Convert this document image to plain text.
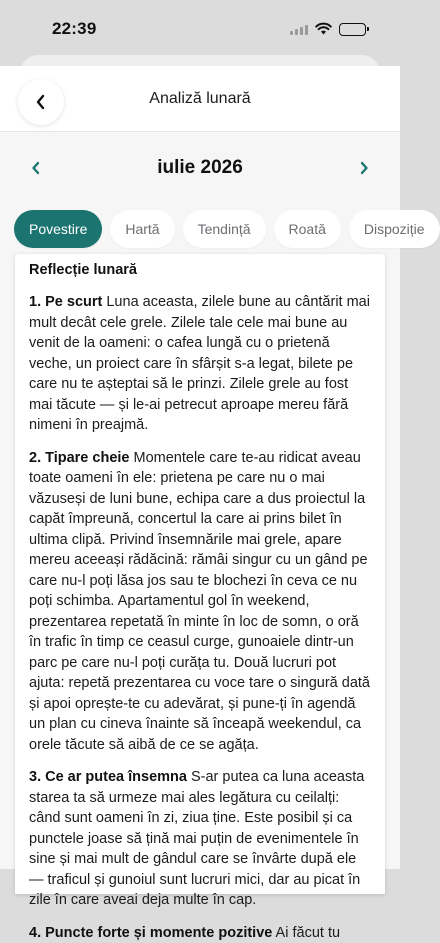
22:39
Analiză lunară
iulie 2026
Povestire	Hartă	Tendință	Roată	Dispoziție
Reflecție lunară

1. Pe scurt Luna aceasta, zilele bune au cântărit mai mult decât cele grele. Zilele tale cele mai bune au venit de la oameni: o cafea lungă cu o prietenă veche, un proiect care în sfârșit s-a legat, bilete pe care nu te așteptai să le prinzi. Zilele grele au fost mai tăcute — și le-ai petrecut aproape mereu fără nimeni în preajmă.

2. Tipare cheie Momentele care te-au ridicat aveau toate oameni în ele: prietena pe care nu o mai văzuseși de luni bune, echipa care a dus proiectul la capăt împreună, concertul la care ai prins bilet în ultima clipă. Privind însemnările mai grele, apare mereu aceeași rădăcină: rămâi singur cu un gând pe care nu-l poți lăsa jos sau te blochezi în ceva ce nu poți schimba. Apartamentul gol în weekend, prezentarea repetată în minte în loc de somn, o oră în trafic în timp ce ceasul curge, gunoaiele dintr-un parc pe care nu-l poți curăța tu. Două lucruri pot ajuta: repetă prezentarea cu voce tare o singură dată și apoi oprește-te cu adevărat, și pune-ți în agendă un plan cu cineva înainte să înceapă weekendul, ca orele tăcute să aibă de ce se agăța.

3. Ce ar putea însemna S-ar putea ca luna aceasta starea ta să urmeze mai ales legătura cu ceilalți: când sunt oameni în zi, ziua ține. Este posibil și ca punctele joase să țină mai puțin de evenimentele în sine și mai mult de gândul care se învârte după ele — traficul și gunoiul sunt lucruri mici, dar au picat în zile în care aveai deja multe în cap.

4. Puncte forte și momente pozitive Ai făcut tu
